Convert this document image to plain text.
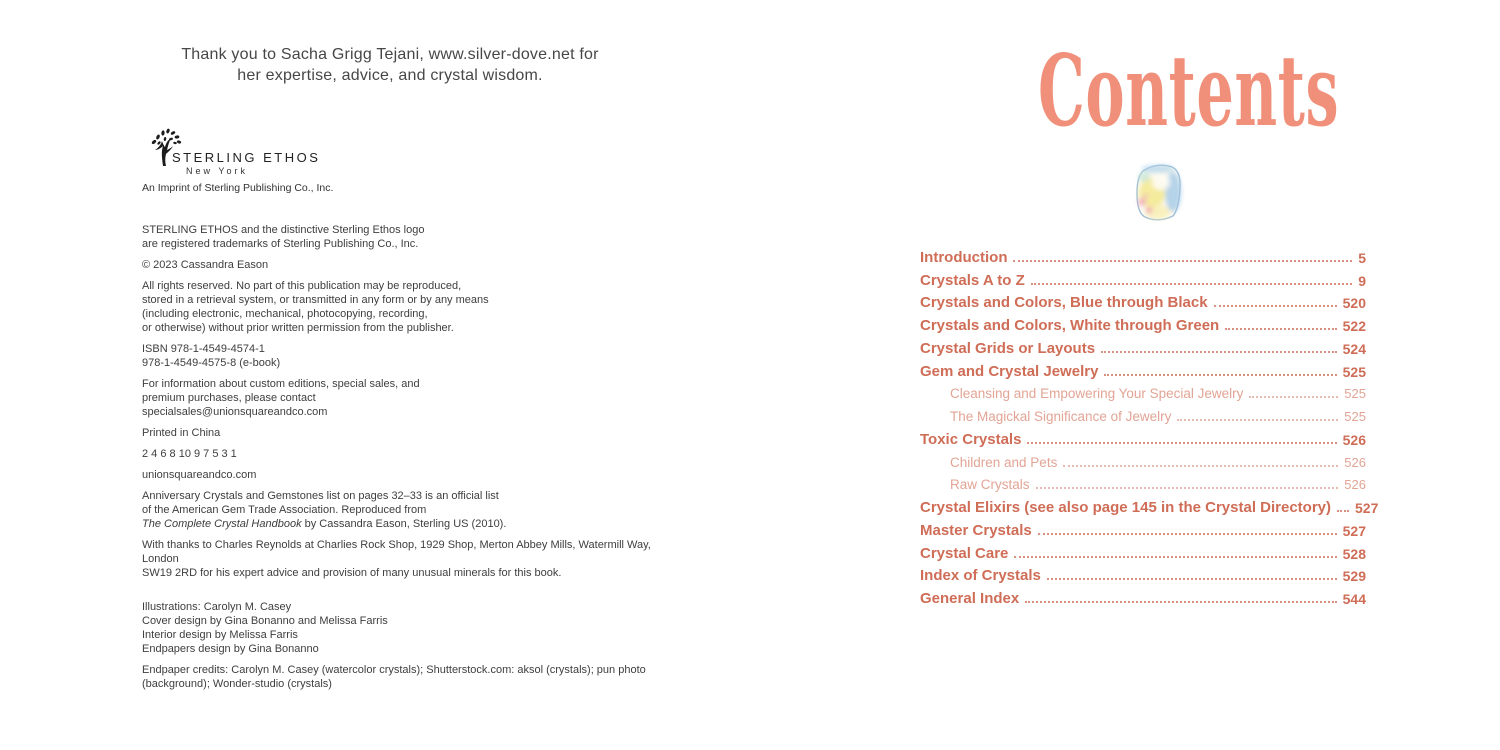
Thank you to Sacha Grigg Tejani, www.silver-dove.net for her expertise, advice, and crystal wisdom.
STERLING ETHOS
New York
An Imprint of Sterling Publishing Co., Inc.

STERLING ETHOS and the distinctive Sterling Ethos logo
are registered trademarks of Sterling Publishing Co., Inc.

© 2023 Cassandra Eason

All rights reserved. No part of this publication may be reproduced,
stored in a retrieval system, or transmitted in any form or by any means
(including electronic, mechanical, photocopying, recording,
or otherwise) without prior written permission from the publisher.

ISBN 978-1-4549-4574-1
978-1-4549-4575-8 (e-book)

For information about custom editions, special sales, and
premium purchases, please contact
specialsales@unionsquareandco.com

Printed in China

2 4 6 8 10 9 7 5 3 1

unionsquareandco.com

Anniversary Crystals and Gemstones list on pages 32–33 is an official list
of the American Gem Trade Association. Reproduced from
The Complete Crystal Handbook by Cassandra Eason, Sterling US (2010).

With thanks to Charles Reynolds at Charlies Rock Shop, 1929 Shop, Merton Abbey Mills, Watermill Way, London
SW19 2RD for his expert advice and provision of many unusual minerals for this book.

Illustrations: Carolyn M. Casey
Cover design by Gina Bonanno and Melissa Farris
Interior design by Melissa Farris
Endpapers design by Gina Bonanno

Endpaper credits: Carolyn M. Casey (watercolor crystals); Shutterstock.com: aksol (crystals); pun photo
(background); Wonder-studio (crystals)

Contents
Introduction	5
Crystals A to Z	9
Crystals and Colors, Blue through Black	520
Crystals and Colors, White through Green	522
Crystal Grids or Layouts	524
Gem and Crystal Jewelry	525
Cleansing and Empowering Your Special Jewelry	525
The Magickal Significance of Jewelry	525
Toxic Crystals	526
Children and Pets	526
Raw Crystals	526
Crystal Elixirs (see also page 145 in the Crystal Directory) 527
Master Crystals	527
Crystal Care	528
Index of Crystals	529
General Index	544
